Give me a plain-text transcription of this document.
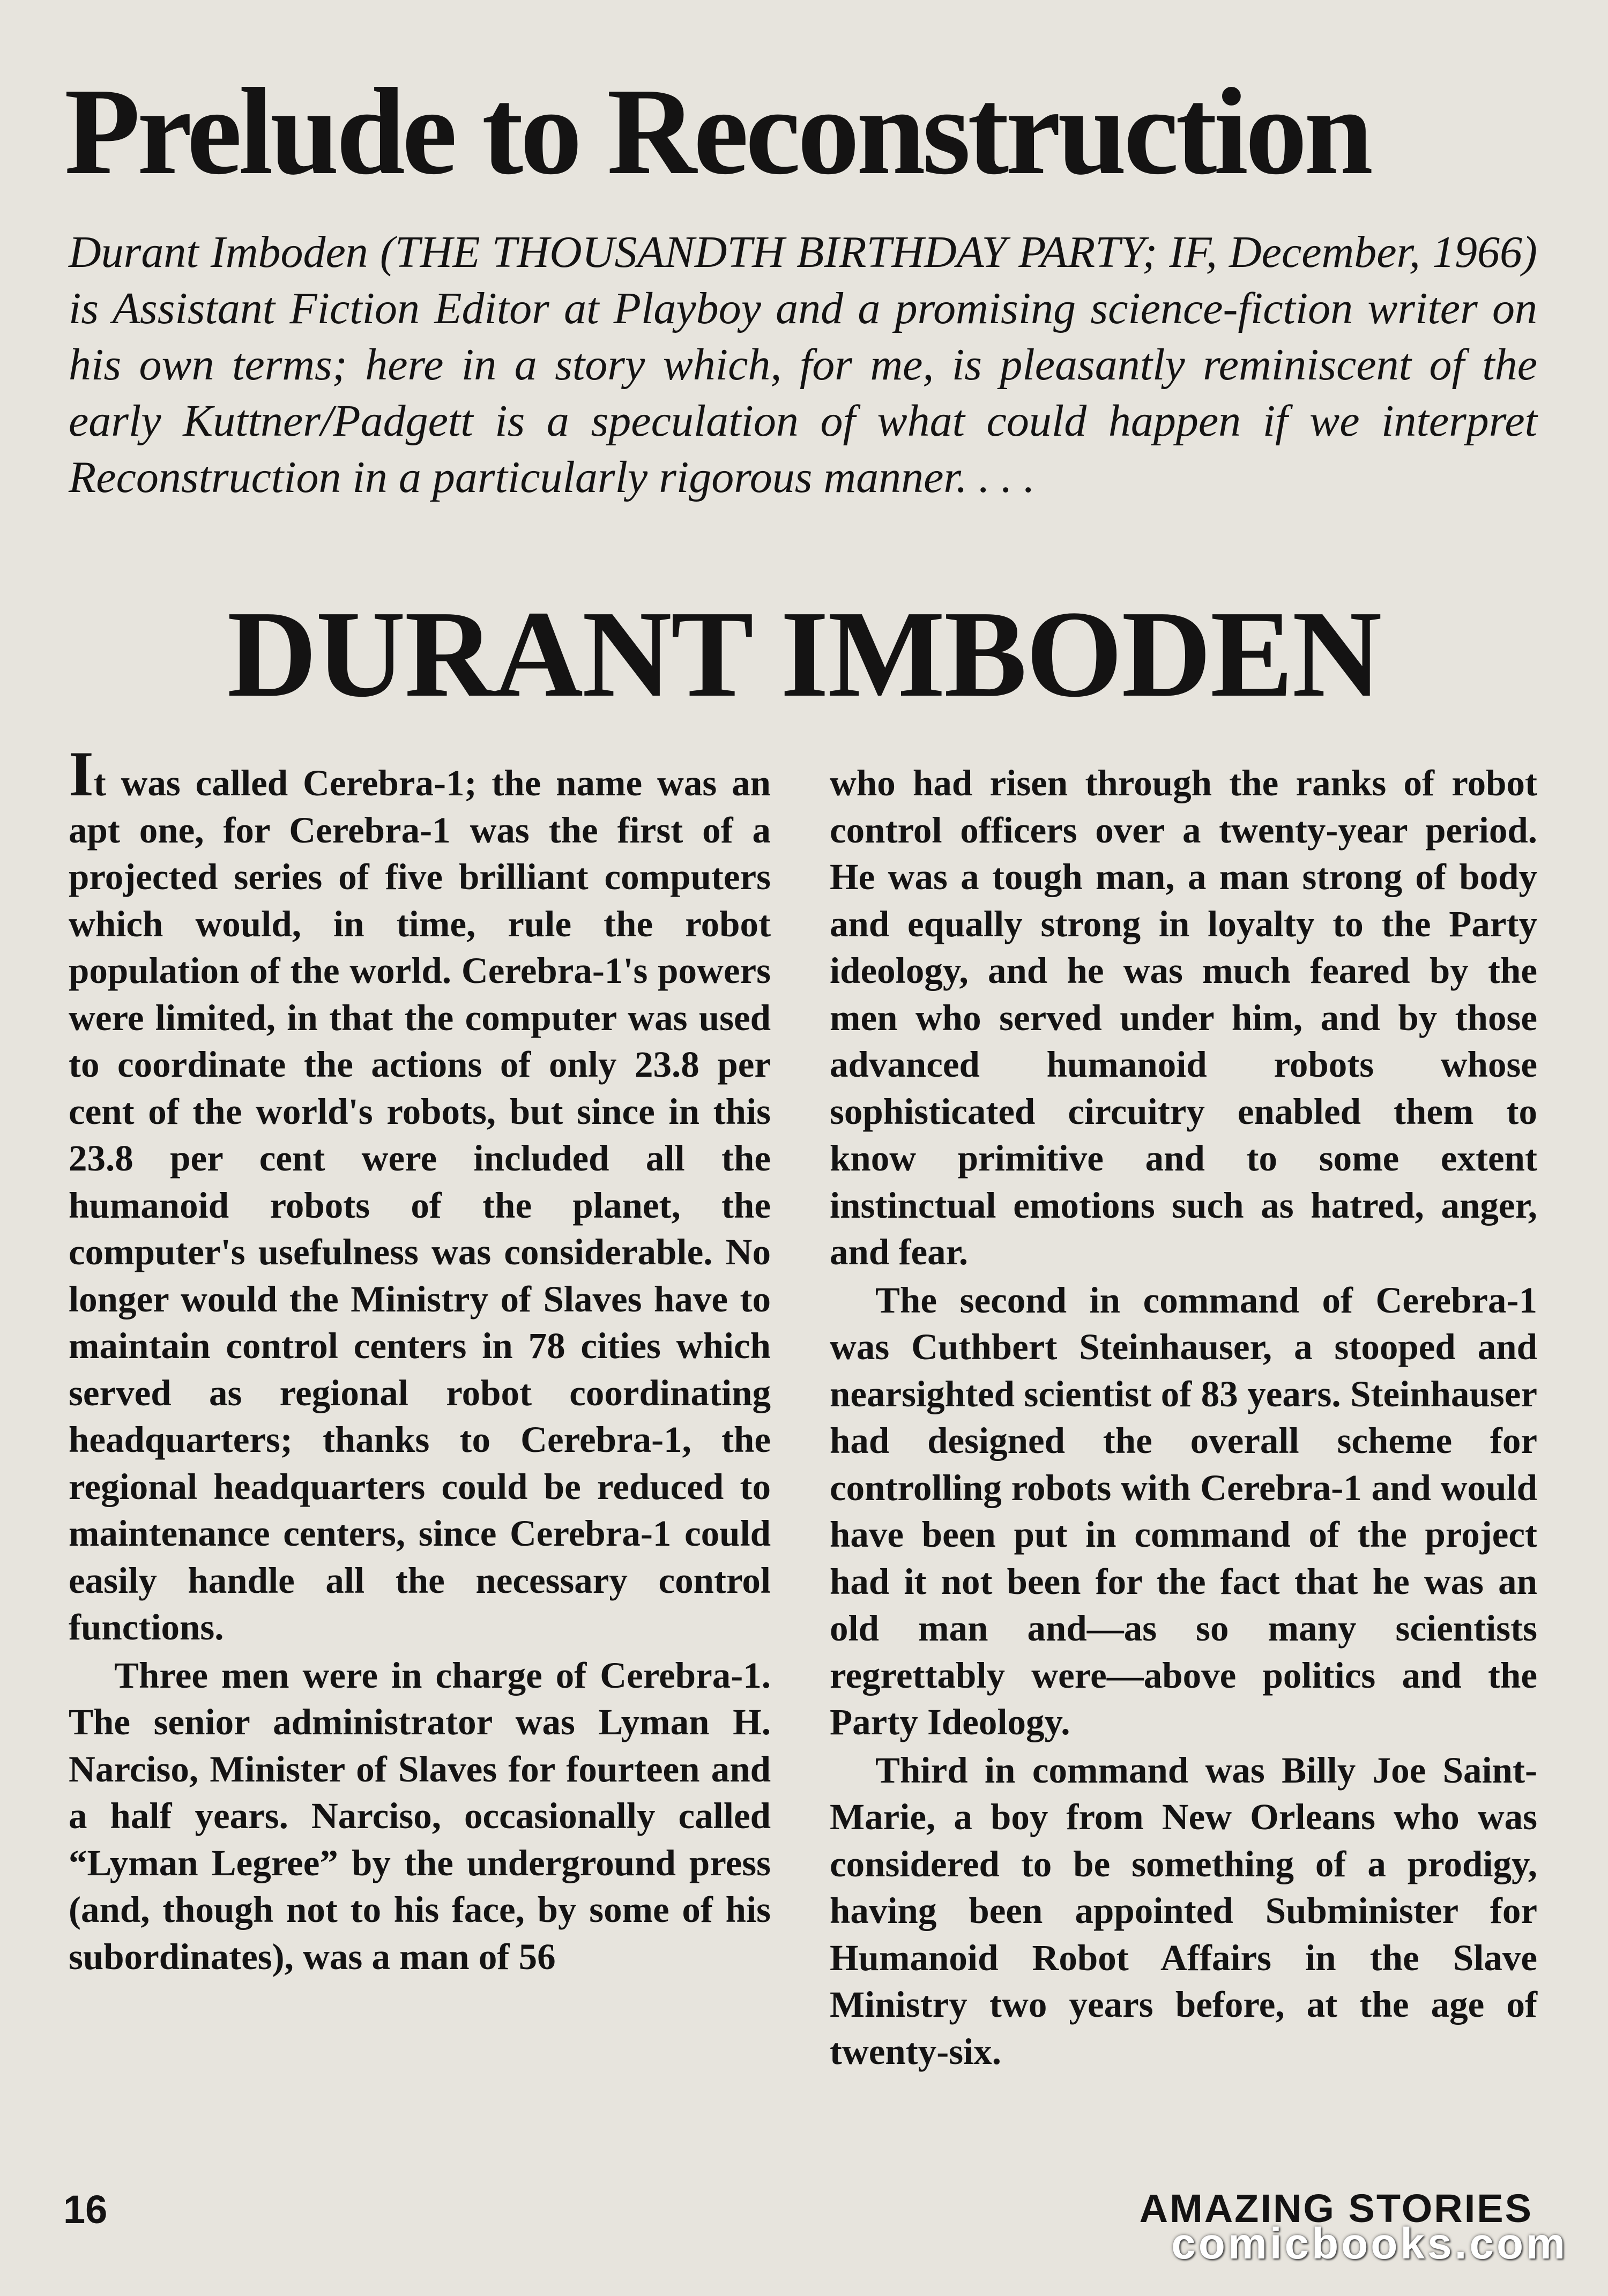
Prelude to Reconstruction
Durant Imboden (THE THOUSANDTH BIRTHDAY PARTY; IF, December, 1966) is Assistant Fiction Editor at Playboy and a promising science-fiction writer on his own terms; here in a story which, for me, is pleasantly reminiscent of the early Kuttner/Padgett is a speculation of what could happen if we interpret Reconstruction in a particularly rigorous manner. . . .
DURANT IMBODEN

It was called Cerebra-1; the name was an apt one, for Cerebra-1 was the first of a projected series of five brilliant computers which would, in time, rule the robot population of the world. Cerebra-1's powers were limited, in that the computer was used to coordinate the actions of only 23.8 per cent of the world's robots, but since in this 23.8 per cent were included all the humanoid robots of the planet, the computer's usefulness was considerable. No longer would the Ministry of Slaves have to maintain control centers in 78 cities which served as regional robot coordinating headquarters; thanks to Cerebra-1, the regional headquarters could be reduced to maintenance centers, since Cerebra-1 could easily handle all the necessary control functions.

Three men were in charge of Cerebra-1. The senior administrator was Lyman H. Narciso, Minister of Slaves for fourteen and a half years. Narciso, occasionally called “Lyman Legree” by the underground press (and, though not to his face, by some of his subordinates), was a man of 56

who had risen through the ranks of robot control officers over a twenty-year period. He was a tough man, a man strong of body and equally strong in loyalty to the Party ideology, and he was much feared by the men who served under him, and by those advanced humanoid robots whose sophisticated circuitry enabled them to know primitive and to some extent instinctual emotions such as hatred, anger, and fear.

The second in command of Cerebra-1 was Cuthbert Steinhauser, a stooped and nearsighted scientist of 83 years. Steinhauser had designed the overall scheme for controlling robots with Cerebra-1 and would have been put in command of the project had it not been for the fact that he was an old man and—as so many scientists regrettably were—above politics and the Party Ideology.

Third in command was Billy Joe Saint-Marie, a boy from New Orleans who was considered to be something of a prodigy, having been appointed Subminister for Humanoid Robot Affairs in the Slave Ministry two years before, at the age of twenty-six.

16	AMAZING STORIES
comicbooks.com
